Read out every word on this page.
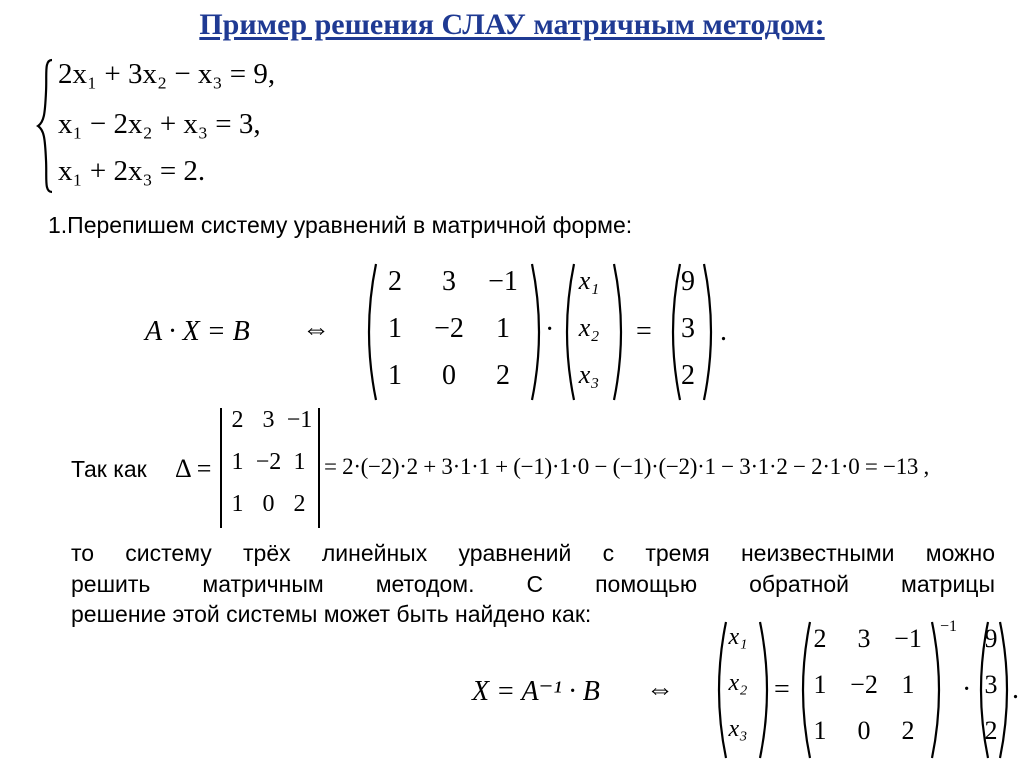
Пример решения СЛАУ матричным методом:
2x₁ + 3x₂ − x₃ = 9,
x₁ − 2x₂ + x₃ = 3,
x₁ + 2x₃ = 2.
1.Перепишем систему уравнений в матричной форме:
A · X = B ⇔
2	3	−1
1	−2	1
1	0	2
·
x₁
x₂
x₃
=
9
3
2
.
Так как Δ =
2 3 −1
1 −2 1
1 0 2
= 2·(−2)·2 + 3·1·1 + (−1)·1·0 − (−1)·(−2)·1 − 3·1·2 − 2·1·0 = −13 ,
то систему трёх линейных уравнений с тремя неизвестными можно
решить матричным методом. С помощью обратной матрицы
решение этой системы может быть найдено как:
X = A⁻¹ · B ⇔
x₁
x₂
x₃
=
2	3 −1
1 −2 1
1	0	2
−1
·
9
3
2
.
